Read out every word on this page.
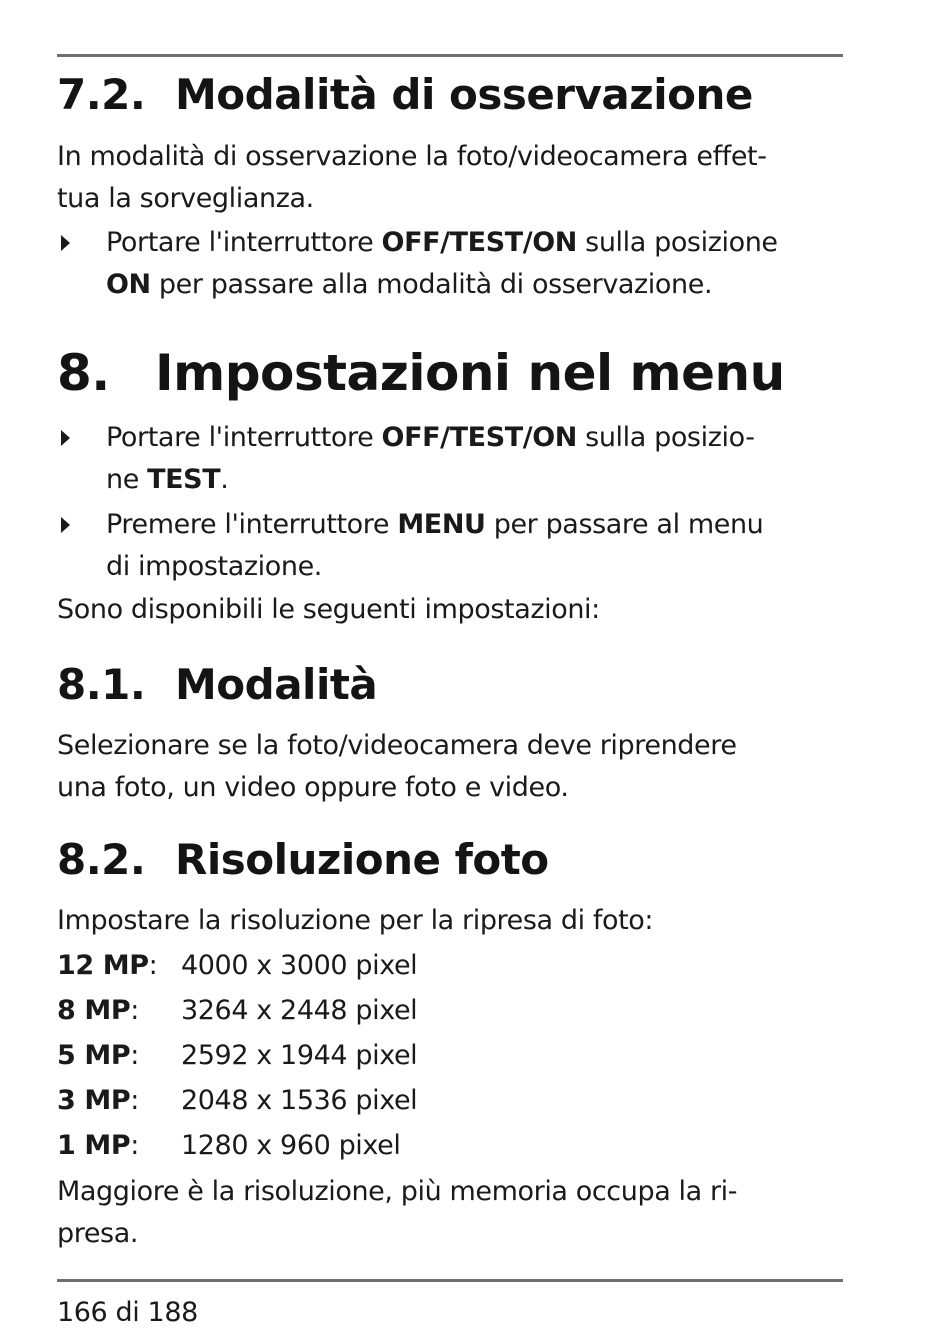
7.2. Modalità di osservazione
In modalità di osservazione la foto/videocamera effet-
tua la sorveglianza.
Portare l'interruttore OFF/TEST/ON sulla posizione
ON per passare alla modalità di osservazione.
8. Impostazioni nel menu
Portare l'interruttore OFF/TEST/ON sulla posizio-
ne TEST.
Premere l'interruttore MENU per passare al menu
di impostazione.
Sono disponibili le seguenti impostazioni:
8.1. Modalità
Selezionare se la foto/videocamera deve riprendere
una foto, un video oppure foto e video.
8.2. Risoluzione foto
Impostare la risoluzione per la ripresa di foto:
12 MP: 4000 x 3000 pixel
8 MP: 3264 x 2448 pixel
5 MP: 2592 x 1944 pixel
3 MP: 2048 x 1536 pixel
1 MP: 1280 x 960 pixel
Maggiore è la risoluzione, più memoria occupa la ri-
presa.
166 di 188
